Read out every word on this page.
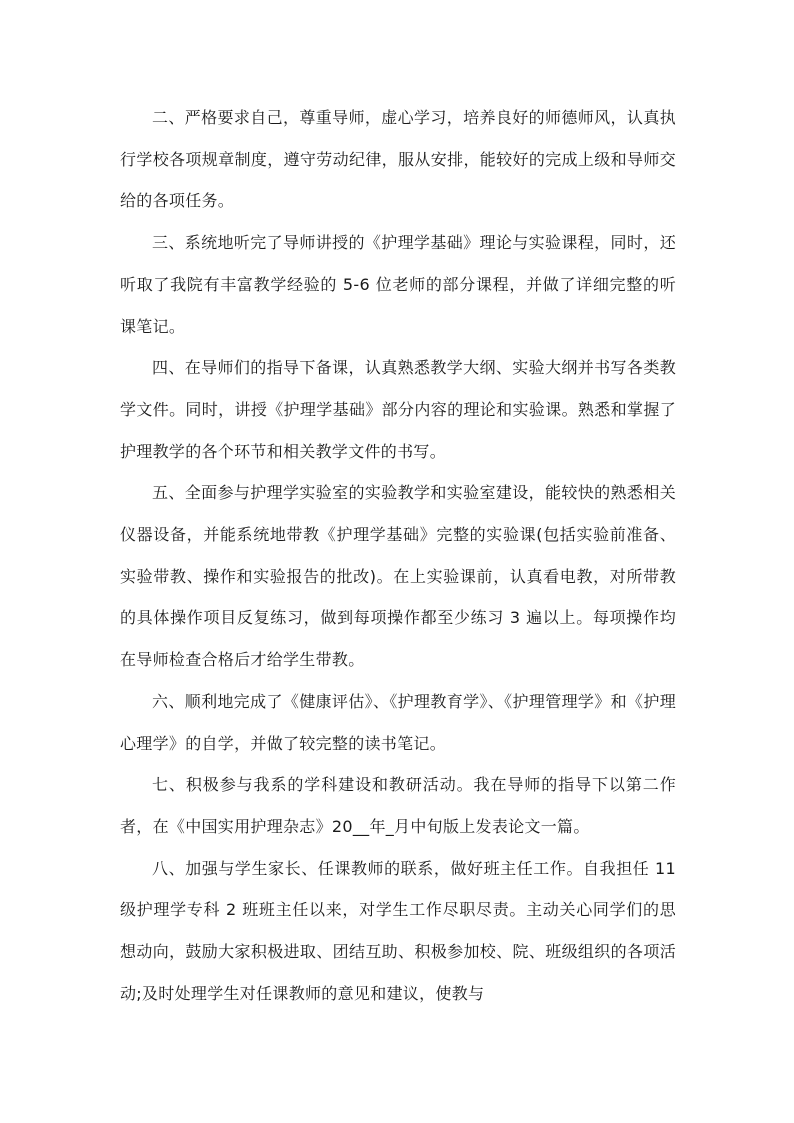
二、严格要求自己，尊重导师，虚心学习，培养良好的师德师风，认真执行学校各项规章制度，遵守劳动纪律，服从安排，能较好的完成上级和导师交给的各项任务。

三、系统地听完了导师讲授的《护理学基础》理论与实验课程，同时，还听取了我院有丰富教学经验的 5-6 位老师的部分课程，并做了详细完整的听课笔记。

四、在导师们的指导下备课，认真熟悉教学大纲、实验大纲并书写各类教学文件。同时，讲授《护理学基础》部分内容的理论和实验课。熟悉和掌握了护理教学的各个环节和相关教学文件的书写。

五、全面参与护理学实验室的实验教学和实验室建设，能较快的熟悉相关仪器设备，并能系统地带教《护理学基础》完整的实验课(包括实验前准备、实验带教、操作和实验报告的批改)。在上实验课前，认真看电教，对所带教的具体操作项目反复练习，做到每项操作都至少练习 3 遍以上。每项操作均在导师检查合格后才给学生带教。

六、顺利地完成了《健康评估》、《护理教育学》、《护理管理学》和《护理心理学》的自学，并做了较完整的读书笔记。

七、积极参与我系的学科建设和教研活动。我在导师的指导下以第二作者，在《中国实用护理杂志》20__年_月中旬版上发表论文一篇。

八、加强与学生家长、任课教师的联系，做好班主任工作。自我担任 11 级护理学专科 2 班班主任以来，对学生工作尽职尽责。主动关心同学们的思想动向，鼓励大家积极进取、团结互助、积极参加校、院、班级组织的各项活动;及时处理学生对任课教师的意见和建议，使教与
